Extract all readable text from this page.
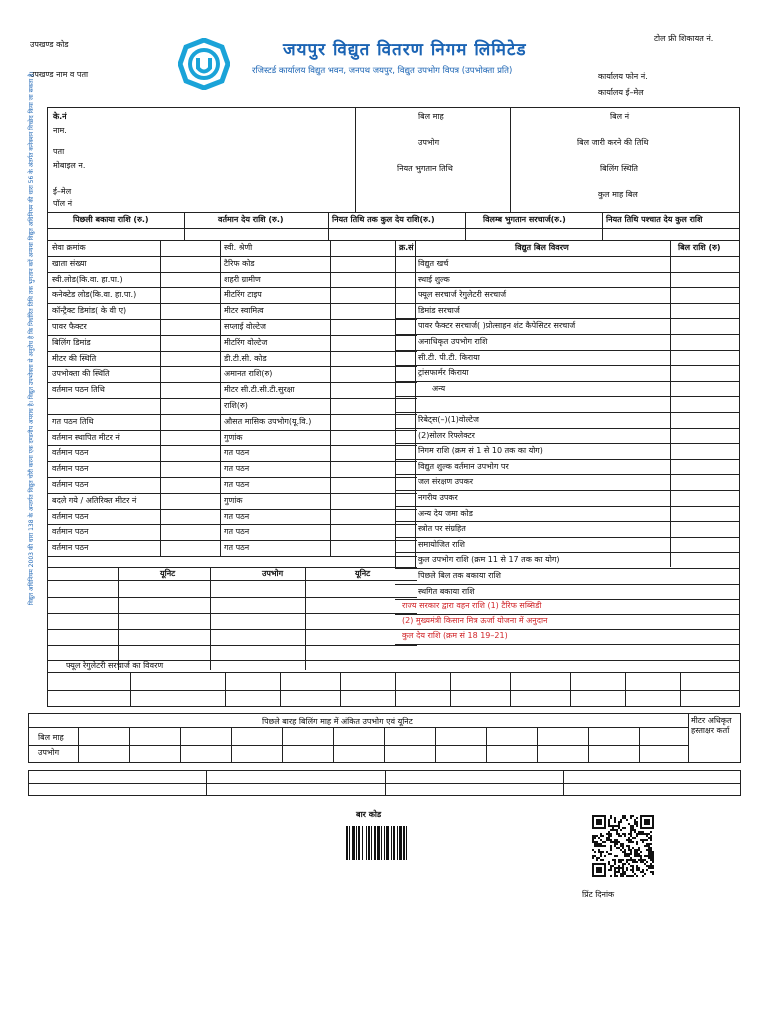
उपखण्ड कोड
उपखण्ड नाम व पता
जयपुर विद्युत वितरण निगम लिमिटेड
रजिस्टर्ड कार्यालय विद्युत भवन, जनपथ जयपुर, विद्युत उपभोग विपत्र (उपभोक्ता प्रति)
टोल फ्री शिकायत नं.
कार्यालय फोन नं.
कार्यालय ई–मेल
विद्युत अधिनियम 2003 की धारा 138 के अन्तर्गत विद्युत चोरी करना एक दण्डनीय अपराध है। विद्युत उपभोक्ता से अनुरोध है कि निर्धारित तिथि तक भुगतान करें अन्यथा विद्युत अधिनियम की धारा 56 के अंतर्गत कनेक्शन विच्छेद किया जा सकता है। के.नं
नाम.
पता
मोबाइल न.
ई–मेल
पॉल नं
बिल माह
उपभोग
नियत भुगतान तिथि
बिल नं
बिल जारी करने की तिथि
बिलिंग स्थिति
कुल माह बिल
पिछली बकाया राशि (रु.)	वर्तमान देय राशि (रु.)	नियत तिथि तक कुल देय राशि(रु.)	विलम्ब भुगतान सरचार्ज(रु.)	नियत तिथि पश्चात देय कुल राशि
सेवा क्रमांक	स्वी. श्रेणी
खाता संख्या	टैरिफ कोड
स्वी.लोड(कि.वा. हा.पा.)	शहरी ग्रामीण
कनेक्टेड लोड(कि.वा. हा.पा.)	मीटरिंग टाइप
कॉन्ट्रैक्ट डिमांड( के वी ए)	मीटर स्वामित्व
पावर फैक्टर	सप्लाई वोल्टेज
बिलिंग डिमांड	मीटरिंग वोल्टेज
मीटर की स्थिति	डी.टी.सी. कोड
उपभोक्ता की स्थिति	अमानत राशि(रु)
वर्तमान पठन तिथि	मीटर सी.टी.सी.टी.सुरक्षा
राशि(रु)
गत पठन तिथि	औसत मासिक उपभोग(यू.वि.)
वर्तमान स्थापित मीटर नं	गुणांक
वर्तमान पठन	गत पठन
वर्तमान पठन	गत पठन
वर्तमान पठन	गत पठन
बदले गये / अतिरिक्त मीटर नं	गुणांक
वर्तमान पठन	गत पठन
वर्तमान पठन	गत पठन
वर्तमान पठन	गत पठन
क्र.सं	विद्युत बिल विवरण	बिल राशि (रु)
विद्युत खर्च
स्थाई शुल्क
फ्यूल सरचार्ज रेगुलेटरी सरचार्ज
डिमांड सरचार्ज
पावर फैक्टर सरचार्ज( )प्रोत्साहन शंट कैपेसिटर सरचार्ज
अनाधिकृत उपभोग राशि
सी.टी. पी.टी. किराया
ट्रांसफार्मर किराया
अन्य
रिबेट्स(–)(1)वोल्टेज
(2)सोलर रिफ्लेक्टर
निगम राशि (क्रम सं 1 से 10 तक का योग)
विद्युत शुल्क वर्तमान उपभोग पर
जल संरक्षण उपकर
नगरीय उपकर
अन्य देय जमा कोड
स्त्रोत पर संग्रहित
समायोजित राशि
कुल उपभोग राशि (क्रम 11 से 17 तक का योग)
पिछले बिल तक बकाया राशि
स्थगित बकाया राशि
राज्य सरकार द्वारा वहन राशि (1) टैरिफ सब्सिडी
(2) मुख्यमंत्री किसान मित्र ऊर्जा योजना में अनुदान
कुल देय राशि (क्रम सं 18 19–21)
यूनिट	उपभोग	यूनिट
फ्यूल रेगुलेटरी सरचार्ज का विवरण
पिछले बारह बिलिंग माह में अंकित उपभोग एवं यूनिट
बिल माह
उपभोग
मीटर अधिकृत हस्ताक्षर कर्ता
बार कोड
प्रिंट दिनांक
